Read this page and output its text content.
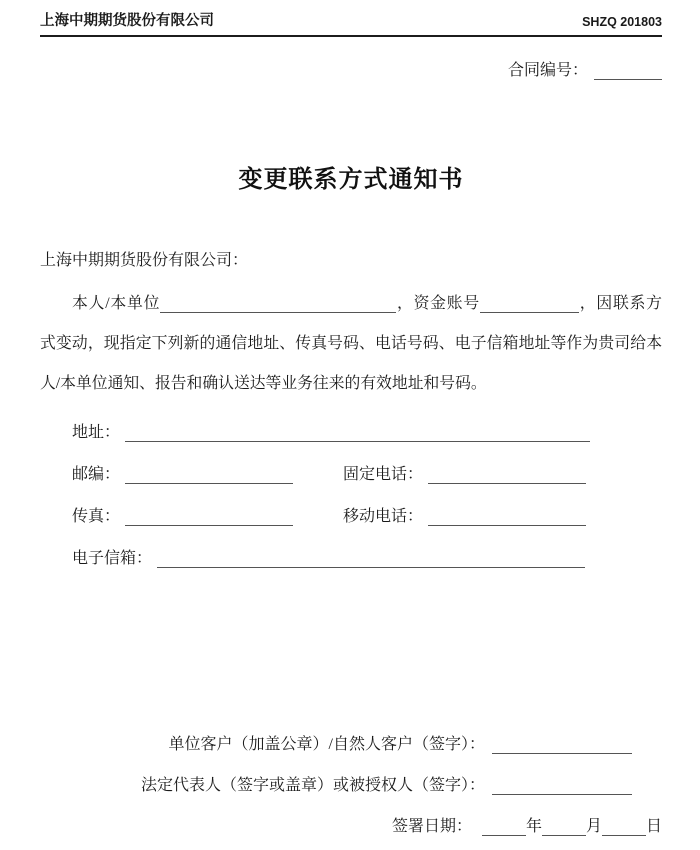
上海中期期货股份有限公司	SHZQ 201803
合同编号：
变更联系方式通知书
上海中期期货股份有限公司：
本人/本单位	，资金账号	，因联系方
式变动，现指定下列新的通信地址、传真号码、电话号码、电子信箱地址等作为贵司给本
人/本单位通知、报告和确认送达等业务往来的有效地址和号码。
地址：
邮编：	固定电话：
传真：	移动电话：
电子信箱：
单位客户（加盖公章）/自然人客户（签字）：
法定代表人（签字或盖章）或被授权人（签字）：
签署日期：	年	月	日
